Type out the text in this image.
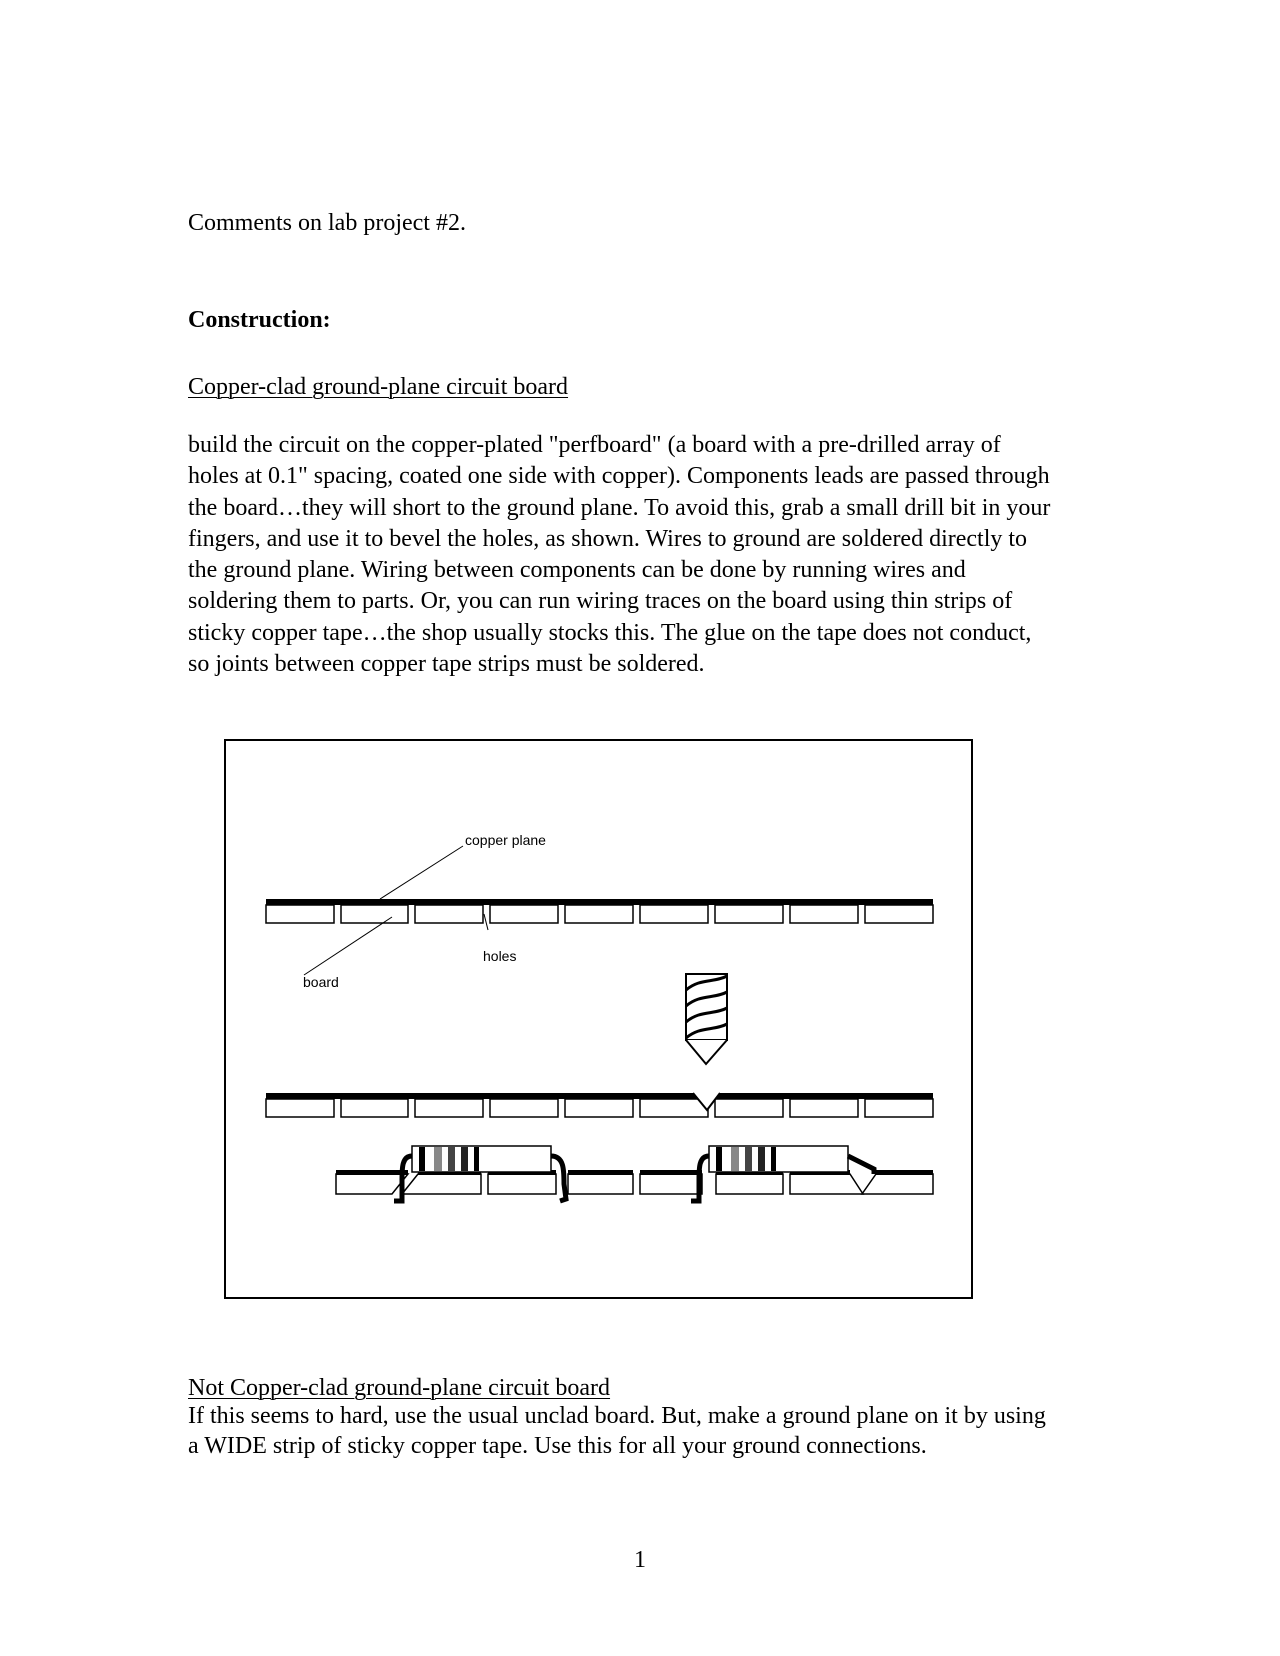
Comments on lab project #2.
Construction:
Copper-clad ground-plane circuit board
build the circuit on the copper-plated "perfboard" (a board with a pre-drilled array of
holes at 0.1" spacing, coated one side with copper). Components leads are passed through
the board…they will short to the ground plane. To avoid this, grab a small drill bit in your
fingers, and use it to bevel the holes, as shown. Wires to ground are soldered directly to
the ground plane. Wiring between components can be done by running wires and
soldering them to parts. Or, you can run wiring traces on the board using thin strips of
sticky copper tape…the shop usually stocks this. The glue on the tape does not conduct,
so joints between copper tape strips must be soldered.
copper plane
holes
board
Not Copper-clad ground-plane circuit board
If this seems to hard, use the usual unclad board. But, make a ground plane on it by using
a WIDE strip of sticky copper tape. Use this for all your ground connections.
1
